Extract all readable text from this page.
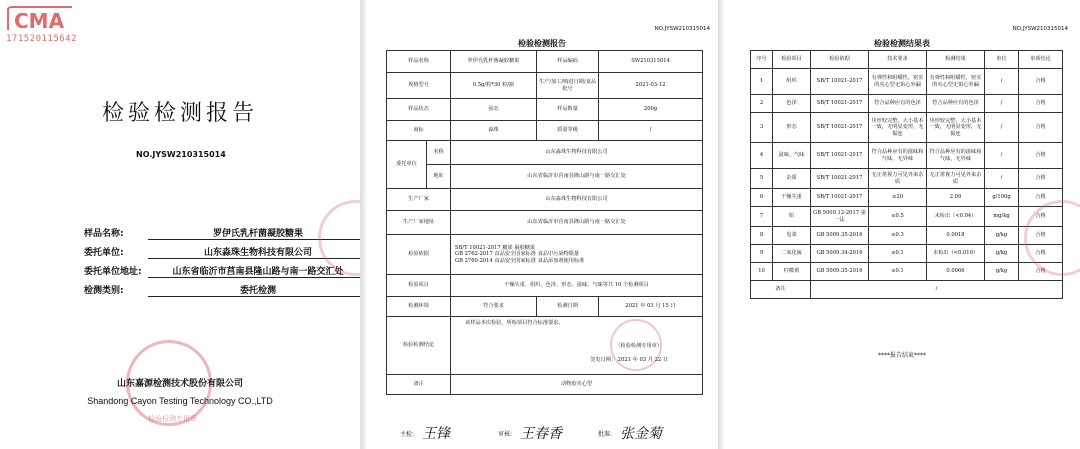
CMA
171520115642
检验检测报告
NO.JYSW210315014
样品名称:	罗伊氏乳杆菌凝胶糖果
委托单位:	山东淼珠生物科技有限公司
委托单位地址:	山东省临沂市莒南县隆山路与南一路交汇处
检测类别:	委托检测
检验检测专用章
山东嘉源检测技术股份有限公司
Shandong Cayon Testing Technology CO.,LTD
NO.JYSW210315014
检验检测报告
样品名称		罗伊氏乳杆菌凝胶糖果	样品编码	SW210315014
规格型号		0.5g/粒*30 粒/瓶	生产/加工/购进日期/食品批号	2021-03-12
样品状态		固态	样品数量	200g
商标		淼珠	质量等级	/
委托单位	名称	山东淼珠生物科技有限公司		
	地址	山东省临沂市莒南县隆山路与南一路交汇处		
生产厂家		山东淼珠生物科技有限公司		
生产厂家地址		山东省临沂市莒南县隆山路与南一路交汇处		
检验依据		SB/T 10021-2017 糖果 凝胶糖果
GB 2762-2017 食品安全国家标准 食品中污染物限量
GB 2760-2014 食品安全国家标准 食品添加剂使用标准		

检验项目		干燥失重、组织、色泽、形态、滋味、气味等共 10 个检测项目		
检测环境		符合要求	检测日期	2021 年 03 月 15 日
检验检测结论		该样品本次检验，所检项目符合标准要求。
（检验检测专用章）
签发日期： 2021 年 03 月 22 日		

备注		动物胶夹心型		
主检: 王锋	审核: 王春香	批准: 张金菊
NO.JYSW210315014
检验检测结果表
序号	检验项目	检验依据	技术要求	检测结果	单位	单项结论
1	组织	SB/T 10021-2017	有弹性和咀嚼性，密实的夹心型无馅心外漏	有弹性和咀嚼性，密实的夹心型无馅心外漏	/	合格
2	色泽	SB/T 10021-2017	符合品种应有的色泽	符合品种应有的色泽	/	合格
3	形态	SB/T 10021-2017	块形较完整，大小基本一致，无明显变形，无黏连	块形较完整，大小基本一致，无明显变形，无黏连	/	合格
4	滋味、气味	SB/T 10021-2017	符合品种应有的滋味和气味，无异味	符合品种应有的滋味和气味，无异味	/	合格
5	杂质	SB/T 10021-2017	无正常视力可见外来杂质	无正常视力可见外来杂质	/	合格
6	干燥失重	SB/T 10021-2017	≤20	2.09	g/100g	合格
7	铅	GB 5009.12-2017 第一法	≤0.5	未检出（<0.04）	mg/kg	合格
8	苋菜	GB 5009.35-2016	≤0.3	0.0018	g/kg	合格
9	二氧化硫	GB 5009.34-2016	≤0.1	未检出（<0.010）	g/kg	合格
10	柠檬黄	GB 5009.35-2016	≤0.1	0.0066	g/kg	合格
备注		/				
****报告结束****
